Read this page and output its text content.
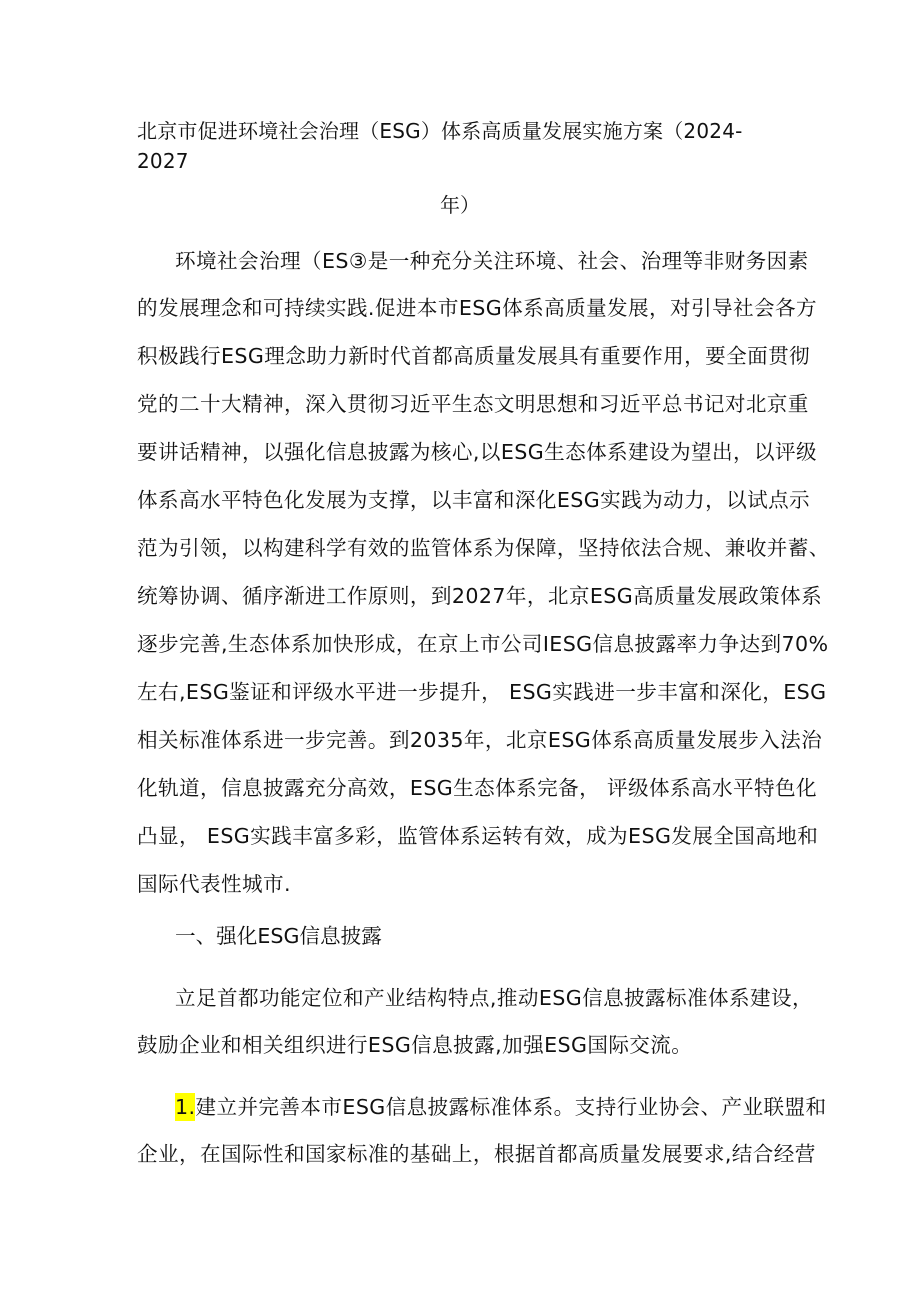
北京市促进环境社会治理（ESG）体系高质量发展实施方案（2024-
2027
年）
环境社会治理（ES③是一种充分关注环境、社会、治理等非财务因素
的发展理念和可持续实践.促进本市ESG体系高质量发展，对引导社会各方
积极践行ESG理念助力新时代首都高质量发展具有重要作用，要全面贯彻
党的二十大精神，深入贯彻习近平生态文明思想和习近平总书记对北京重
要讲话精神，以强化信息披露为核心,以ESG生态体系建设为望出，以评级
体系高水平特色化发展为支撑，以丰富和深化ESG实践为动力，以试点示
范为引领，以构建科学有效的监管体系为保障，坚持依法合规、兼收并蓄、
统筹协调、循序渐进工作原则，到2027年，北京ESG高质量发展政策体系
逐步完善,生态体系加快形成，在京上市公司IESG信息披露率力争达到70%
左右,ESG鉴证和评级水平进一步提升， ESG实践进一步丰富和深化，ESG
相关标准体系进一步完善。到2035年，北京ESG体系高质量发展步入法治
化轨道，信息披露充分高效，ESG生态体系完备， 评级体系高水平特色化
凸显， ESG实践丰富多彩，监管体系运转有效，成为ESG发展全国高地和
国际代表性城市.
一、强化ESG信息披露
立足首都功能定位和产业结构特点,推动ESG信息披露标准体系建设，
鼓励企业和相关组织进行ESG信息披露,加强ESG国际交流。
1.建立并完善本市ESG信息披露标准体系。支持行业协会、产业联盟和
企业，在国际性和国家标准的基础上，根据首都高质量发展要求,结合经营
